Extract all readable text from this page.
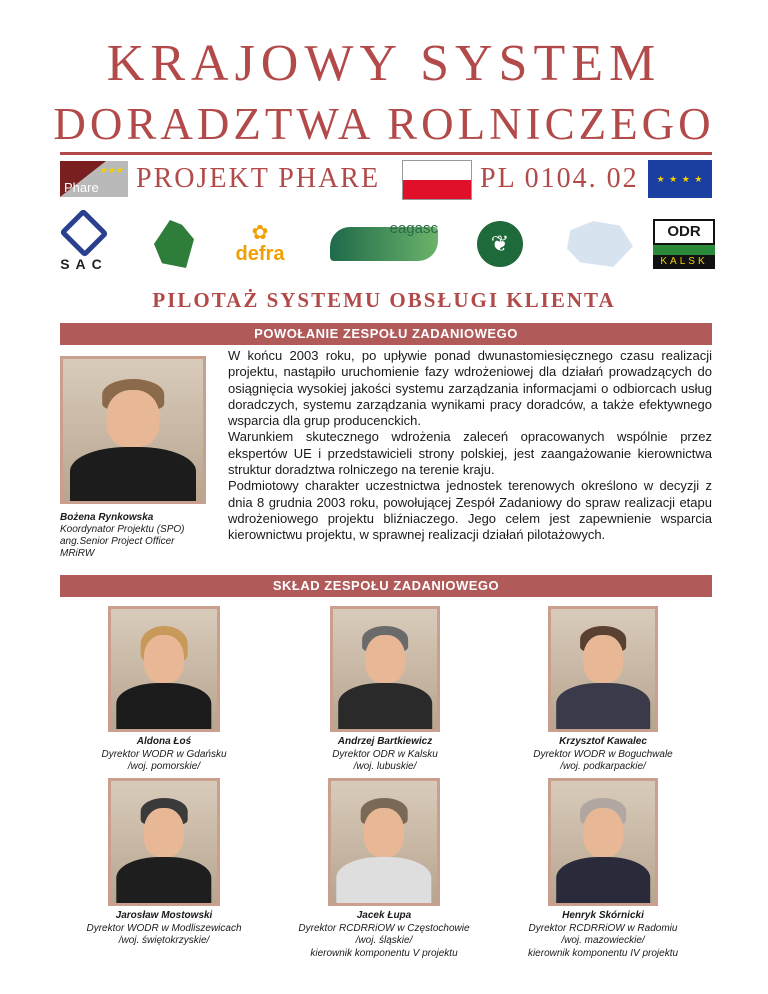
KRAJOWY SYSTEM
DORADZTWA ROLNICZEGO
★★★
Phare PROJEKT PHARE	PL 0104. 02	★ ★ ★ ★
SAC
✿
defra
eagasc
❦	ODR
KALSK
PILOTAŻ SYSTEMU OBSŁUGI KLIENTA
POWOŁANIE ZESPOŁU ZADANIOWEGO
Bożena Rynkowska
Koordynator Projektu (SPO)
ang.Senior Project Officer
MRiRW

W końcu 2003 roku, po upływie ponad dwunastomiesięcznego czasu realizacji projektu, nastąpiło uruchomienie fazy wdrożeniowej dla działań prowadzących do osiągnięcia wysokiej jakości systemu zarządzania informacjami o odbiorcach usług doradczych, systemu zarządzania wynikami pracy doradców, a także efektywnego wsparcia dla grup producenckich.

Warunkiem skutecznego wdrożenia zaleceń opracowanych wspólnie przez ekspertów UE i przedstawicieli strony polskiej, jest zaangażowanie kierownictwa struktur doradztwa rolniczego na terenie kraju.

Podmiotowy charakter uczestnictwa jednostek terenowych określono w decyzji z dnia 8 grudnia 2003 roku, powołującej Zespół Zadaniowy do spraw realizacji etapu wdrożeniowego projektu bliźniaczego. Jego celem jest zapewnienie wsparcia kierownictwu projektu, w sprawnej realizacji działań pilotażowych.

SKŁAD ZESPOŁU ZADANIOWEGO
Aldona Łoś
Dyrektor WODR w Gdańsku
/woj. pomorskie/
Andrzej Bartkiewicz
Dyrektor ODR w Kalsku
/woj. lubuskie/
Krzysztof Kawalec
Dyrektor WODR w Boguchwale
/woj. podkarpackie/
Jarosław Mostowski
Dyrektor WODR w Modliszewicach
/woj. świętokrzyskie/
Jacek Łupa
Dyrektor RCDRRiOW w Częstochowie
/woj. śląskie/
kierownik komponentu V projektu
Henryk Skórnicki
Dyrektor RCDRRiOW w Radomiu
/woj. mazowieckie/
kierownik komponentu IV projektu
